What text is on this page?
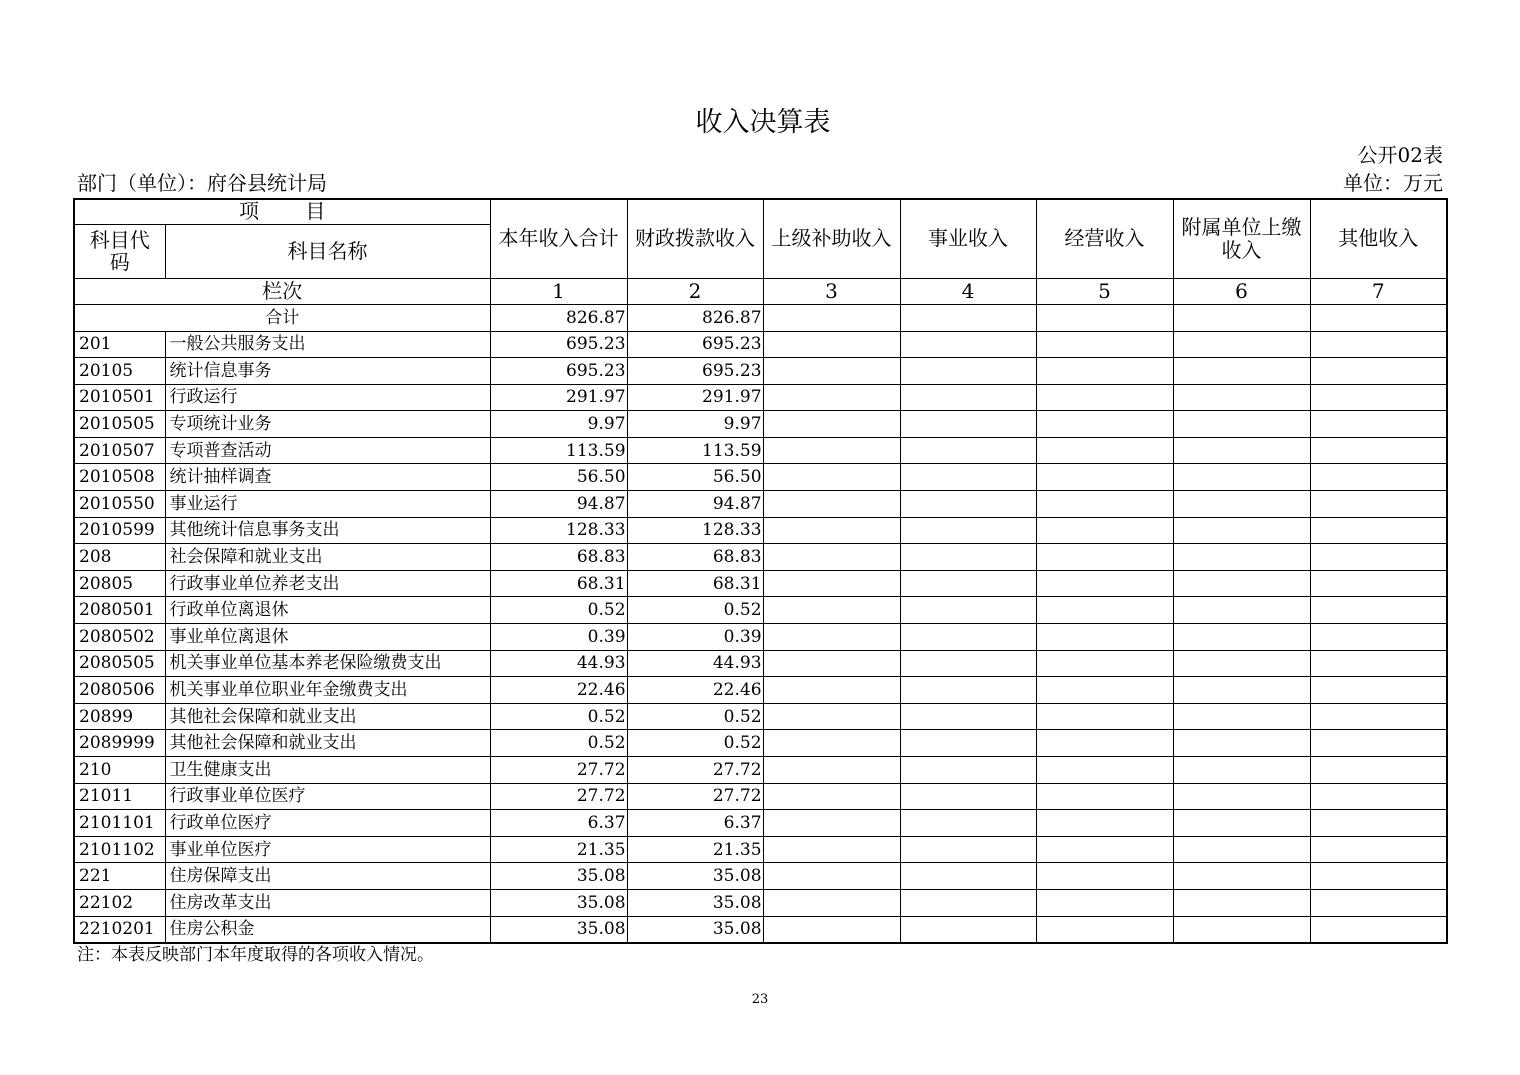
收入决算表
公开02表
部门（单位）：府谷县统计局	单位：万元
项 目		本年收入合计	财政拨款收入	上级补助收入	事业收入	经营收入	附属单位上缴收入	其他收入
科目代码	科目名称							
栏次		1	2	3	4	5	6	7
合计		826.87	826.87					
201	一般公共服务支出	695.23	695.23					
20105	统计信息事务	695.23	695.23					
2010501	行政运行	291.97	291.97					
2010505	专项统计业务	9.97	9.97					
2010507	专项普查活动	113.59	113.59					
2010508	统计抽样调查	56.50	56.50					
2010550	事业运行	94.87	94.87					
2010599	其他统计信息事务支出	128.33	128.33					
208	社会保障和就业支出	68.83	68.83					
20805	行政事业单位养老支出	68.31	68.31					
2080501	行政单位离退休	0.52	0.52					
2080502	事业单位离退休	0.39	0.39					
2080505	机关事业单位基本养老保险缴费支出	44.93	44.93					
2080506	机关事业单位职业年金缴费支出	22.46	22.46					
20899	其他社会保障和就业支出	0.52	0.52					
2089999	其他社会保障和就业支出	0.52	0.52					
210	卫生健康支出	27.72	27.72					
21011	行政事业单位医疗	27.72	27.72					
2101101	行政单位医疗	6.37	6.37					
2101102	事业单位医疗	21.35	21.35					
221	住房保障支出	35.08	35.08					
22102	住房改革支出	35.08	35.08					
2210201	住房公积金	35.08	35.08					
注：本表反映部门本年度取得的各项收入情况。
23
